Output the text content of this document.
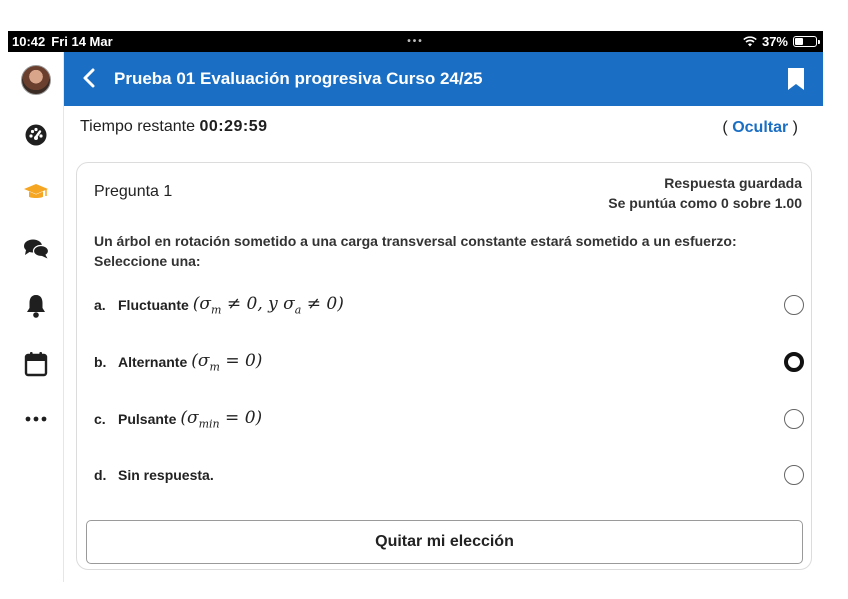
10:42 Fri 14 Mar	•••	37%
Prueba 01 Evaluación progresiva Curso 24/25
Tiempo restante 00:29:59	( Ocultar )
Pregunta 1	Respuesta guardada
Se puntúa como 0 sobre 1.00
Un árbol en rotación sometido a una carga transversal constante estará sometido a un esfuerzo:
Seleccione una:
a. Fluctuante ($\sigma_m \ne 0$, y $\sigma_a \ne 0$)
b. Alternante $(\sigma_m = 0)$
c. Pulsante $(\sigma_{min} = 0)$
d. Sin respuesta.
Quitar mi elección
